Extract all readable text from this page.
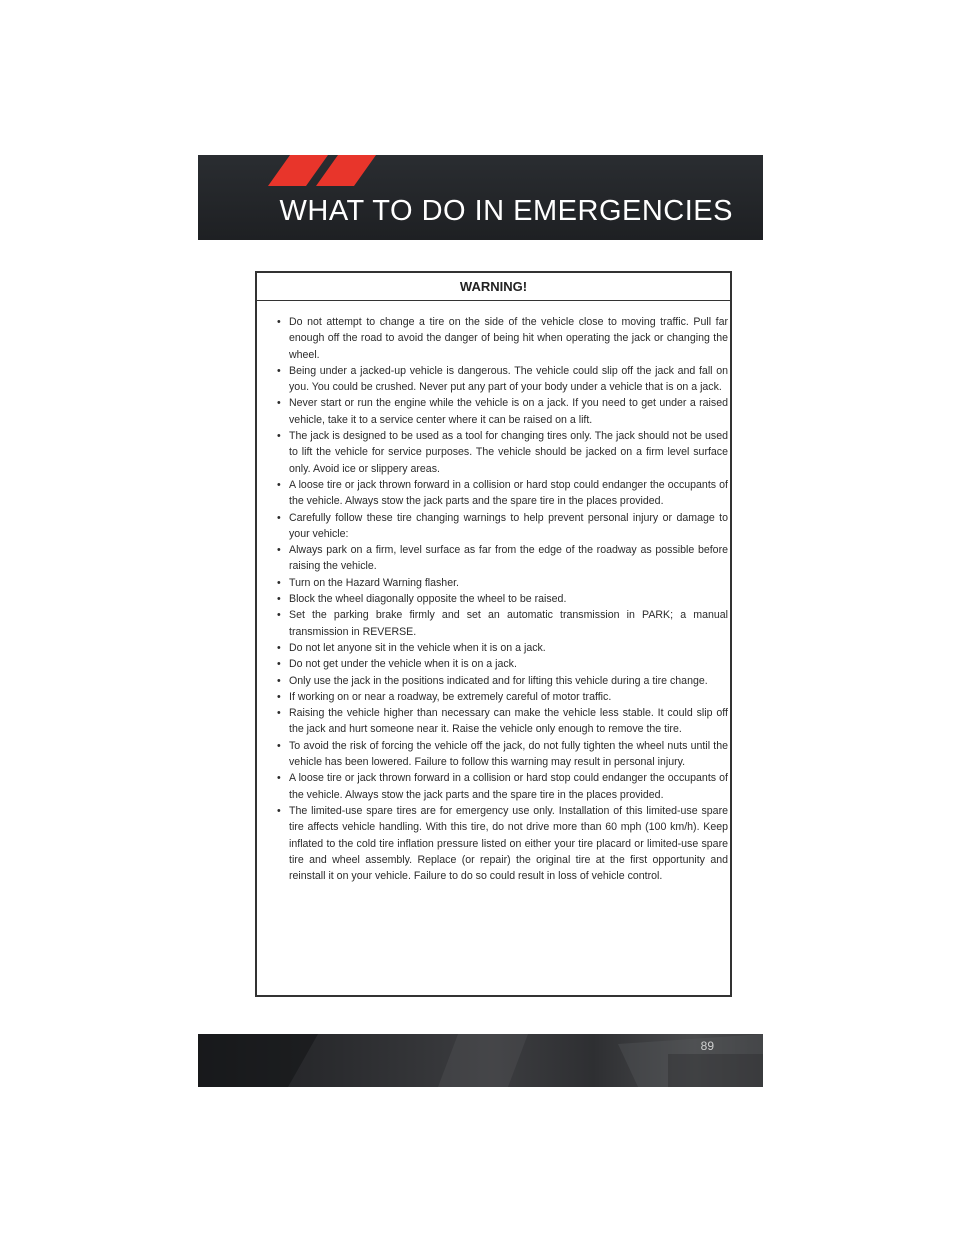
WHAT TO DO IN EMERGENCIES
WARNING!
• Do not attempt to change a tire on the side of the vehicle close to moving traffic. Pull far enough off the road to avoid the danger of being hit when operating the jack or changing the wheel.
• Being under a jacked-up vehicle is dangerous. The vehicle could slip off the jack and fall on you. You could be crushed. Never put any part of your body under a vehicle that is on a jack.
• Never start or run the engine while the vehicle is on a jack. If you need to get under a raised vehicle, take it to a service center where it can be raised on a lift.
• The jack is designed to be used as a tool for changing tires only. The jack should not be used to lift the vehicle for service purposes. The vehicle should be jacked on a firm level surface only. Avoid ice or slippery areas.
• A loose tire or jack thrown forward in a collision or hard stop could endanger the occupants of the vehicle. Always stow the jack parts and the spare tire in the places provided.
• Carefully follow these tire changing warnings to help prevent personal injury or damage to your vehicle:
• Always park on a firm, level surface as far from the edge of the roadway as possible before raising the vehicle.
• Turn on the Hazard Warning flasher.
• Block the wheel diagonally opposite the wheel to be raised.
• Set the parking brake firmly and set an automatic transmission in PARK; a manual transmission in REVERSE.
• Do not let anyone sit in the vehicle when it is on a jack.
• Do not get under the vehicle when it is on a jack.
• Only use the jack in the positions indicated and for lifting this vehicle during a tire change.
• If working on or near a roadway, be extremely careful of motor traffic.
• Raising the vehicle higher than necessary can make the vehicle less stable. It could slip off the jack and hurt someone near it. Raise the vehicle only enough to remove the tire.
• To avoid the risk of forcing the vehicle off the jack, do not fully tighten the wheel nuts until the vehicle has been lowered. Failure to follow this warning may result in personal injury.
• A loose tire or jack thrown forward in a collision or hard stop could endanger the occupants of the vehicle. Always stow the jack parts and the spare tire in the places provided.
• The limited-use spare tires are for emergency use only. Installation of this limited-use spare tire affects vehicle handling. With this tire, do not drive more than 60 mph (100 km/h). Keep inflated to the cold tire inflation pressure listed on either your tire placard or limited-use spare tire and wheel assembly. Replace (or repair) the original tire at the first opportunity and reinstall it on your vehicle. Failure to do so could result in loss of vehicle control.
89
